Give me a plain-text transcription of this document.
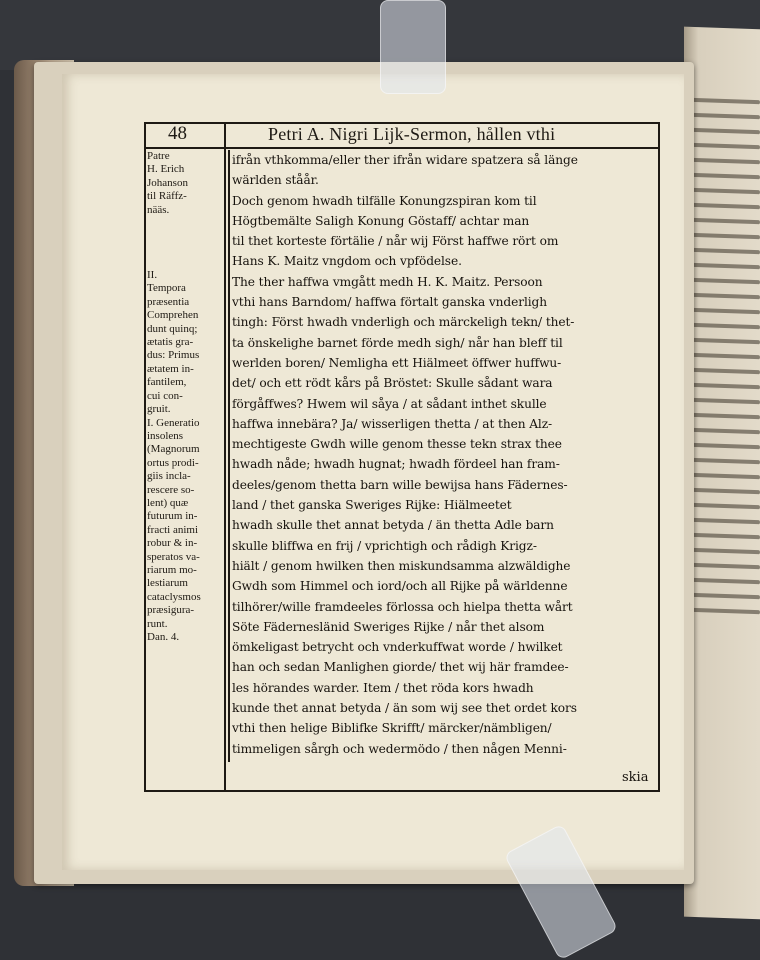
48	Petri A. Nigri Lijk-Sermon, hållen vthi
Patre
H. Erich
Johanson
til Räffz-
nääs.
II.
Tempora
præsentia
Comprehen
dunt quinq;
ætatis gra-
dus: Primus
ætatem in-
fantilem,
cui con-
gruit.
I. Generatio
insolens
(Magnorum
ortus prodi-
giis incla-
rescere so-
lent) quæ
futurum in-
fracti animi
robur & in-
speratos va-
riarum mo-
lestiarum
cataclysmos
præsigura-
runt.
Dan. 4.
ifrån vthkomma/eller ther ifrån widare spatzera så länge
wärlden ståår.
Doch genom hwadh tilfälle Konungzspiran kom til
Högtbemälte Saligh Konung Göstaff/ achtar man
til thet korteste förtälie / når wij Först haffwe rört om
Hans K. Maitz vngdom och vpfödelse.
The ther haffwa vmgått medh H. K. Maitz. Persoon
vthi hans Barndom/ haffwa förtalt ganska vnderligh
tingh: Först hwadh vnderligh och märckeligh tekn/ thet-
ta önskelighe barnet förde medh sigh/ når han bleff til
werlden boren/ Nemligha ett Hiälmeet öffwer huffwu-
det/ och ett rödt kårs på Bröstet: Skulle sådant wara
förgåffwes? Hwem wil såya / at sådant inthet skulle
haffwa innebära? Ja/ wisserligen thetta / at then Alz-
mechtigeste Gwdh wille genom thesse tekn strax thee
hwadh nåde; hwadh hugnat; hwadh fördeel han fram-
deeles/genom thetta barn wille bewijsa hans Fädernes-
land / thet ganska Sweriges Rijke: Hiälmeetet
hwadh skulle thet annat betyda / än thetta Adle barn
skulle bliffwa en frij / vprichtigh och rådigh Krigz-
hiält / genom hwilken then miskundsamma alzwäldighe
Gwdh som Himmel och iord/och all Rijke på wärldenne
tilhörer/wille framdeeles förlossa och hielpa thetta wårt
Söte Fäderneslänid Sweriges Rijke / når thet alsom
ömkeligast betrycht och vnderkuffwat worde / hwilket
han och sedan Manlighen giorde/ thet wij här framdee-
les hörandes warder. Item / thet röda kors hwadh
kunde thet annat betyda / än som wij see thet ordet kors
vthi then helige Biblifke Skrifft/ märcker/nämbligen/
timmeligen sårgh och wedermödo / then någen Menni-
skia
